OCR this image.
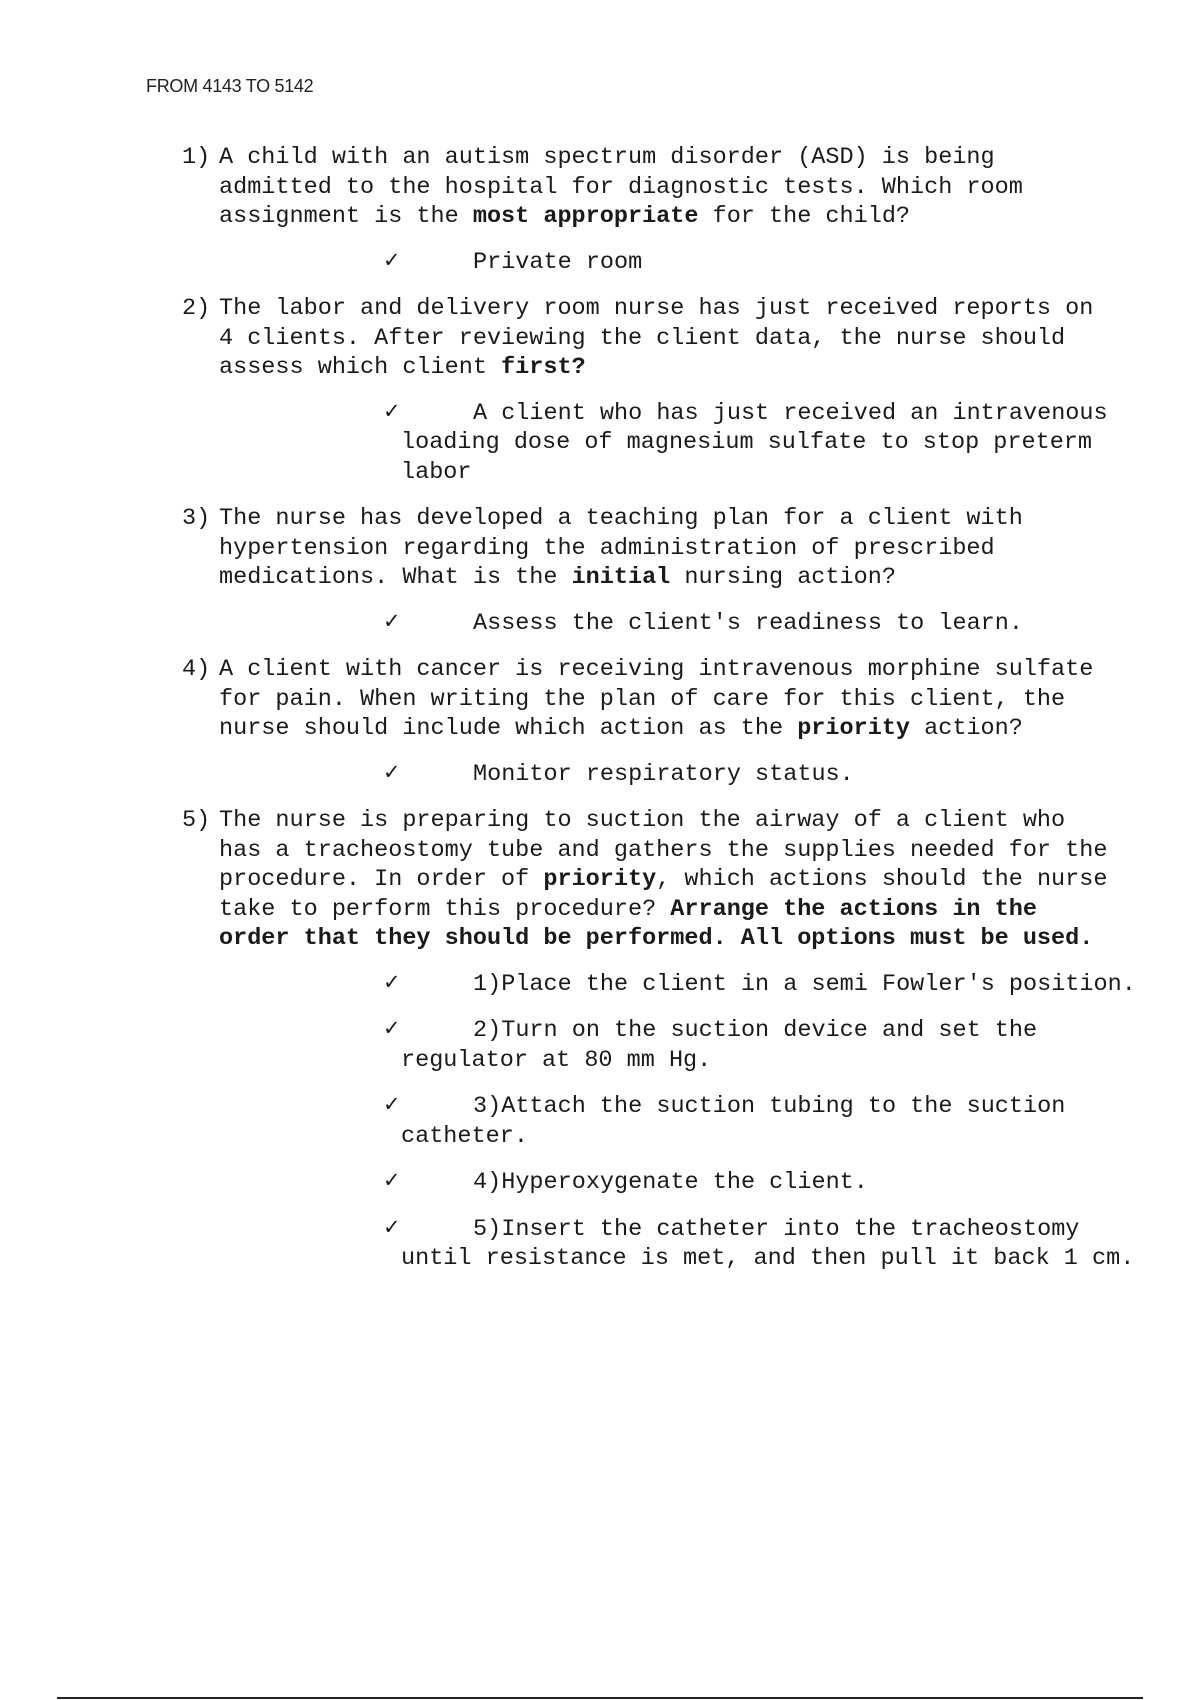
FROM 4143 TO 5142
1) A child with an autism spectrum disorder (ASD) is being admitted to the hospital for diagnostic tests. Which room assignment is the most appropriate for the child?
✓	Private room
2) The labor and delivery room nurse has just received reports on 4 clients. After reviewing the client data, the nurse should assess which client first?
✓	A client who has just received an intravenous loading dose of magnesium sulfate to stop preterm labor
3) The nurse has developed a teaching plan for a client with hypertension regarding the administration of prescribed medications. What is the initial nursing action?
✓	Assess the client's readiness to learn.
4) A client with cancer is receiving intravenous morphine sulfate for pain. When writing the plan of care for this client, the nurse should include which action as the priority action?
✓	Monitor respiratory status.
5) The nurse is preparing to suction the airway of a client who has a tracheostomy tube and gathers the supplies needed for the procedure. In order of priority, which actions should the nurse take to perform this procedure? Arrange the actions in the order that they should be performed. All options must be used.
✓	1)Place the client in a semi Fowler's position.
✓	2)Turn on the suction device and set the regulator at 80 mm Hg.
✓	3)Attach the suction tubing to the suction catheter.
✓	4)Hyperoxygenate the client.
✓	5)Insert the catheter into the tracheostomy until resistance is met, and then pull it back 1 cm.
